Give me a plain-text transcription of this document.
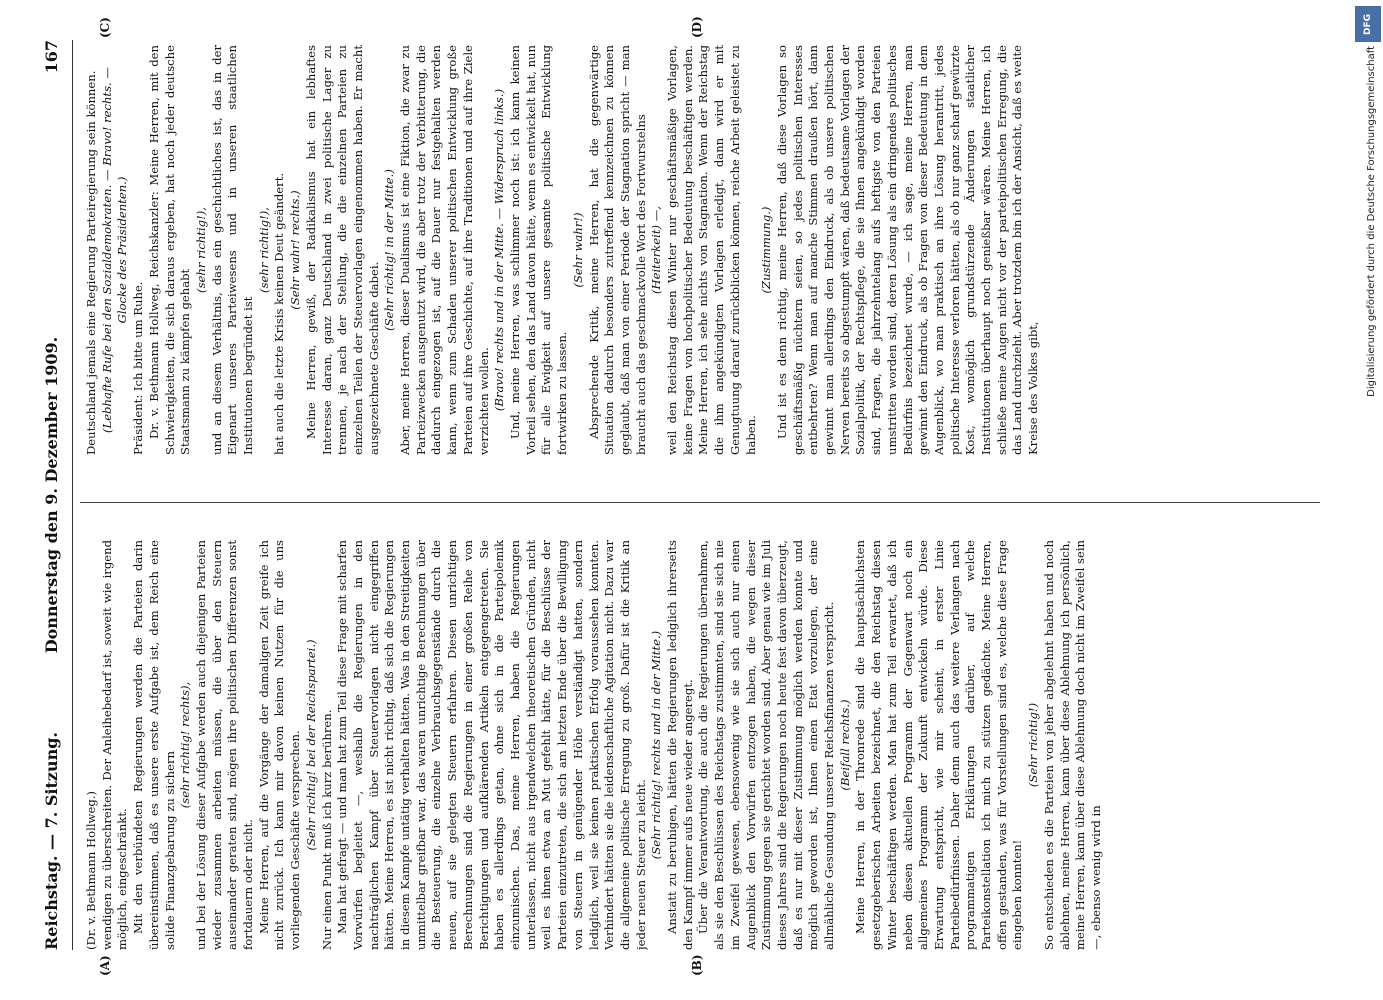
Reichstag. — 7. Sitzung.
Donnerstag den 9. Dezember 1909.
167
(A)	(B)
(C)	(D)

(Dr. v. Bethmann Hollweg.) wendigen zu überschreiten. Der Anleihebedarf ist, soweit wie irgend möglich, eingeschränkt. Mit den verbündeten Regierungen werden die Parteien darin übereinstimmen, daß es unsere erste Aufgabe ist, dem Reich eine solide Finanzgebarung zu sichern

(sehr richtig! rechts), und bei der Lösung dieser Aufgabe werden auch diejenigen Parteien wieder zusammen arbeiten müssen, die über den Steuern auseinander geraten sind, mögen ihre politischen Differenzen sonst fortdauern oder nicht. Meine Herren, auf die Vorgänge der damaligen Zeit greife ich nicht zurück. Ich kann mir davon keinen Nutzen für die uns vorliegenden Geschäfte versprechen. (Sehr richtig! bei der Reichspartei.) Nur einen Punkt muß ich kurz berühren. Man hat gefragt — und man hat zum Teil diese Frage mit scharfen Vorwürfen begleitet —, weshalb die Regierungen in den nachträglichen Kampf über Steuervorlagen nicht eingegriffen hätten. Meine Herren, es ist nicht richtig, daß sich die Regierungen in diesem Kampfe untätig verhalten hätten. Was in den Streitigkeiten unmittelbar greifbar war, das waren unrichtige Berechnungen über die Besteuerung, die einzelne Verbrauchsgegenstände durch die neuen, auf sie gelegten Steuern erfahren. Diesen unrichtigen Berechnungen sind die Regierungen in einer großen Reihe von Berichtigungen und aufklärenden Artikeln entgegengetreten. Sie haben es allerdings getan, ohne sich in die Parteipolemik einzumischen. Das, meine Herren, haben die Regierungen unterlassen, nicht aus irgendwelchen theoretischen Gründen, nicht weil es ihnen etwa an Mut gefehlt hätte, für die Beschlüsse der Parteien einzutreten, die sich am letzten Ende über die Bewilligung von Steuern in genügender Höhe verständigt hatten, sondern lediglich, weil sie keinen praktischen Erfolg voraussehen konnten. Verhindert hätten sie die leidenschaftliche Agitation nicht. Dazu war die allgemeine politische Erregung zu groß. Dafür ist die Kritik an jeder neuen Steuer zu leicht.

(Sehr richtig! rechts und in der Mitte.) Anstatt zu beruhigen, hätten die Regierungen lediglich ihrerseits den Kampf immer aufs neue wieder angeregt. Über die Verantwortung, die auch die Regierungen übernahmen, als sie den Beschlüssen des Reichstags zustimmten, sind sie sich nie im Zweifel gewesen, ebensowenig wie sie sich auch nur einen Augenblick den Vorwürfen entzogen haben, die wegen dieser Zustimmung gegen sie gerichtet worden sind. Aber genau wie im Juli dieses Jahres sind die Regierungen noch heute fest davon überzeugt, daß es nur mit dieser Zustimmung möglich werden konnte und möglich geworden ist, Ihnen einen Etat vorzulegen, der eine allmähliche Gesundung unserer Reichsfinanzen verspricht. (Beifall rechts.) Meine Herren, in der Thronrede sind die hauptsächlichsten gesetzgeberischen Arbeiten bezeichnet, die den Reichstag diesen Winter beschäftigen werden. Man hat zum Teil erwartet, daß ich neben diesen aktuellen Programm der Gegenwart noch ein allgemeines Programm der Zukunft entwickeln würde. Diese Erwartung entspricht, wie mir scheint, in erster Linie Parteibedürfnissen. Daher denn auch das weitere Verlangen nach programmatigen Erklärungen darüber, auf welche Parteikonstellation ich mich zu stützen gedächte. Meine Herren, offen gestanden, was für Vorstellungen sind es, welche diese Frage eingeben konnten!

(Sehr richtig!) So entschieden es die Parteien von jeher abgelehnt haben und noch ablehnen, meine Herren, kann über diese Ablehnung ich persönlich, meine Herren, kann über diese Ablehnung doch nicht im Zweifel sein —, ebenso wenig wird in

Deutschland jemals eine Regierung Parteiregierung sein können. (Lebhafte Rufe bei den Sozialdemokraten. — Bravo! rechts. — Glocke des Präsidenten.)

Präsident: Ich bitte um Ruhe. Dr. v. Bethmann Hollweg, Reichskanzler: Meine Herren, mit den Schwierigkeiten, die sich daraus ergeben, hat noch jeder deutsche Staatsmann zu kämpfen gehabt

(sehr richtig!), und an diesem Verhältnis, das ein geschichtliches ist, das in der Eigenart unseres Parteiwesens und in unseren staatlichen Institutionen begründet ist

(sehr richtig!), hat auch die letzte Krisis keinen Deut geändert. (Sehr wahr! rechts.) Meine Herren, gewiß, der Radikalismus hat ein lebhaftes Interesse daran, ganz Deutschland in zwei politische Lager zu trennen, je nach der Stellung, die die einzelnen Parteien zu einzelnen Teilen der Steuervorlagen eingenommen haben. Er macht ausgezeichnete Geschäfte dabei.

(Sehr richtig! in der Mitte.) Aber, meine Herren, dieser Dualismus ist eine Fiktion, die zwar zu Parteizwecken ausgenutzt wird, die aber trotz der Verbitterung, die dadurch eingezogen ist, auf die Dauer nur festgehalten werden kann, wenn zum Schaden unserer politischen Entwicklung große Parteien auf ihre Geschichte, auf ihre Traditionen und auf ihre Ziele verzichten wollen. (Bravo! rechts und in der Mitte. — Widerspruch links.) Und, meine Herren, was schlimmer noch ist: ich kann keinen Vorteil sehen, den das Land davon hätte, wenn es entwickelt hat, nun für alle Ewigkeit auf unsere gesamte politische Entwicklung fortwirken zu lassen.

(Sehr wahr!) Absprechende Kritik, meine Herren, hat die gegenwärtige Situation dadurch besonders zutreffend kennzeichnen zu können geglaubt, daß man von einer Periode der Stagnation spricht — man braucht auch das geschmackvolle Wort des Fortwurstelns (Heiterkeit) —, weil den Reichstag diesen Winter nur geschäftsmäßige Vorlagen, keine Fragen von hochpolitischer Bedeutung beschäftigen werden. Meine Herren, ich sehe nichts von Stagnation. Wenn der Reichstag die ihm angekündigten Vorlagen erledigt, dann wird er mit Genugtuung darauf zurückblicken können, reiche Arbeit geleistet zu haben.

(Zustimmung.) Und ist es denn richtig, meine Herren, daß diese Vorlagen so geschäftsmäßig nüchtern seien, so jedes politischen Interesses entbehrten? Wenn man auf manche Stimmen draußen hört, dann gewinnt man allerdings den Eindruck, als ob unsere politischen Nerven bereits so abgestumpft wären, daß bedeutsame Vorlagen der Sozialpolitik, der Rechtspflege, die sie Ihnen angekündigt worden sind, Fragen, die jahrzehntelang aufs heftigste von den Parteien umstritten worden sind, deren Lösung als ein dringendes politisches Bedürfnis bezeichnet wurde, — ich sage, meine Herren, man gewinnt den Eindruck, als ob Fragen von dieser Bedeutung in dem Augenblick, wo man praktisch an ihre Lösung herantritt, jedes politische Interesse verloren hätten, als ob nur ganz scharf gewürzte Kost, womöglich grundstürzende Änderungen staatlicher Institutionen überhaupt noch genießbar wären. Meine Herren, ich schließe meine Augen nicht vor der parteipolitischen Erregung, die das Land durchzieht. Aber trotzdem bin ich der Ansicht, daß es weite Kreise des Volkes gibt,

DFG
Digitalisierung gefördert durch die Deutsche Forschungsgemeinschaft
